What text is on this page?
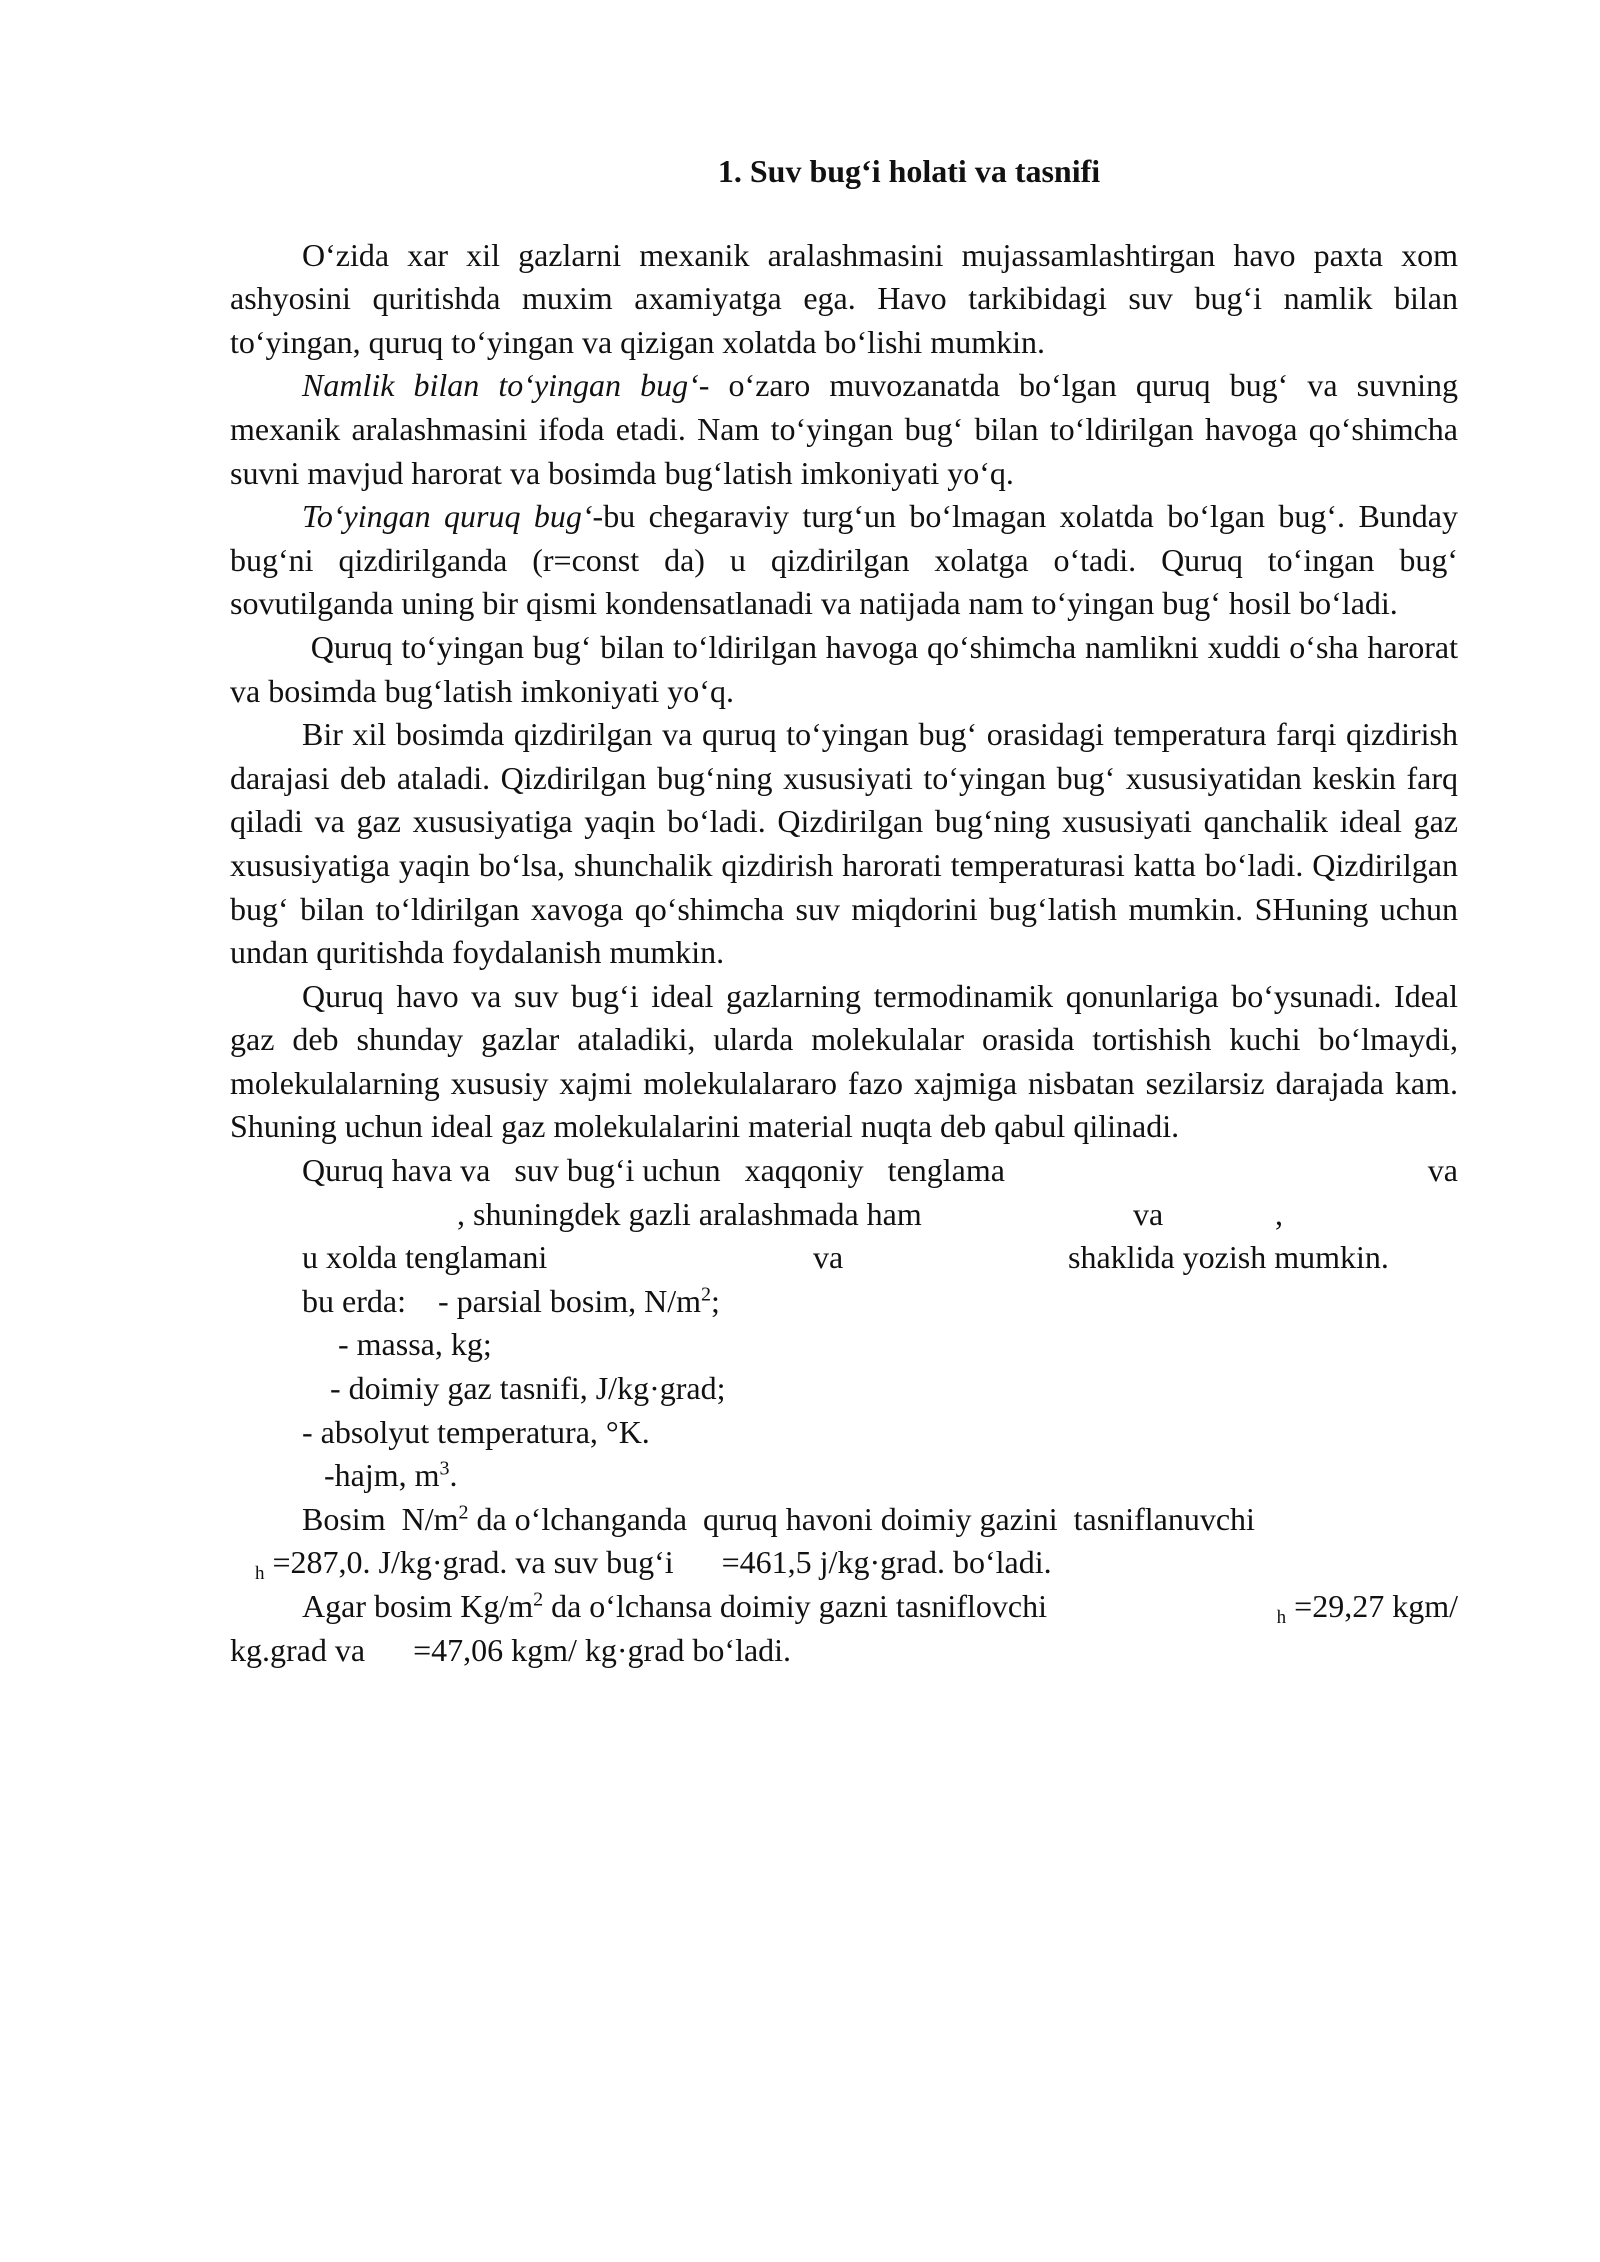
1. Suv bug‘i holati va tasnifi

O‘zida xar xil gazlarni mexanik aralashmasini mujassamlashtirgan havo paxta xom ashyosini quritishda muxim axamiyatga ega. Havo tarkibidagi suv bug‘i namlik bilan to‘yingan, quruq to‘yingan va qizigan xolatda bo‘lishi mumkin.

Namlik bilan to‘yingan bug‘- o‘zaro muvozanatda bo‘lgan quruq bug‘ va suvning mexanik aralashmasini ifoda etadi. Nam to‘yingan bug‘ bilan to‘ldirilgan havoga qo‘shimcha suvni mavjud harorat va bosimda bug‘latish imkoniyati yo‘q.

To‘yingan quruq bug‘-bu chegaraviy turg‘un bo‘lmagan xolatda bo‘lgan bug‘. Bunday bug‘ni qizdirilganda (r=const da) u qizdirilgan xolatga o‘tadi. Quruq to‘ingan bug‘ sovutilganda uning bir qismi kondensatlanadi va natijada nam to‘yingan bug‘ hosil bo‘ladi.

Quruq to‘yingan bug‘ bilan to‘ldirilgan havoga qo‘shimcha namlikni xuddi o‘sha harorat va bosimda bug‘latish imkoniyati yo‘q.

Bir xil bosimda qizdirilgan va quruq to‘yingan bug‘ orasidagi temperatura farqi qizdirish darajasi deb ataladi. Qizdirilgan bug‘ning xususiyati to‘yingan bug‘ xususiyatidan keskin farq qiladi va gaz xususiyatiga yaqin bo‘ladi. Qizdirilgan bug‘ning xususiyati qanchalik ideal gaz xususiyatiga yaqin bo‘lsa, shunchalik qizdirish harorati temperaturasi katta bo‘ladi. Qizdirilgan bug‘ bilan to‘ldirilgan xavoga qo‘shimcha suv miqdorini bug‘latish mumkin. SHuning uchun undan quritishda foydalanish mumkin.

Quruq havo va suv bug‘i ideal gazlarning termodinamik qonunlariga bo‘ysunadi. Ideal gaz deb shunday gazlar ataladiki, ularda molekulalar orasida tortishish kuchi bo‘lmaydi, molekulalarning xususiy xajmi molekulalararo fazo xajmiga nisbatan sezilarsiz darajada kam. Shuning uchun ideal gaz molekulalarini material nuqta deb qabul qilinadi.

Quruq hava va   suv bug‘i uchun   xaqqoniy   tenglama	va
, shuningdek gazli aralashmada ham	va	,
u xolda tenglamani	va	shaklida yozish mumkin.
bu erda:    - parsial bosim, $N/m^2$;
- massa, kg;
- doimiy gaz tasnifi, J/kg·grad;
- absolyut temperatura, °K.
-hajm, $m^3$.
Bosim  $N/m^2$ da o‘lchanganda  quruq havoni doimiy gazini  tasniflanuvchi
$_h$ =287,0. J/kg·grad. va suv bug‘i      =461,5 j/kg·grad. bo‘ladi.
Agar bosim $Kg/m^2$ da o‘lchansa doimiy gazni tasniflovchi	$_h$ =29,27 kgm/
kg.grad va      =47,06 kgm/ kg·grad bo‘ladi.
